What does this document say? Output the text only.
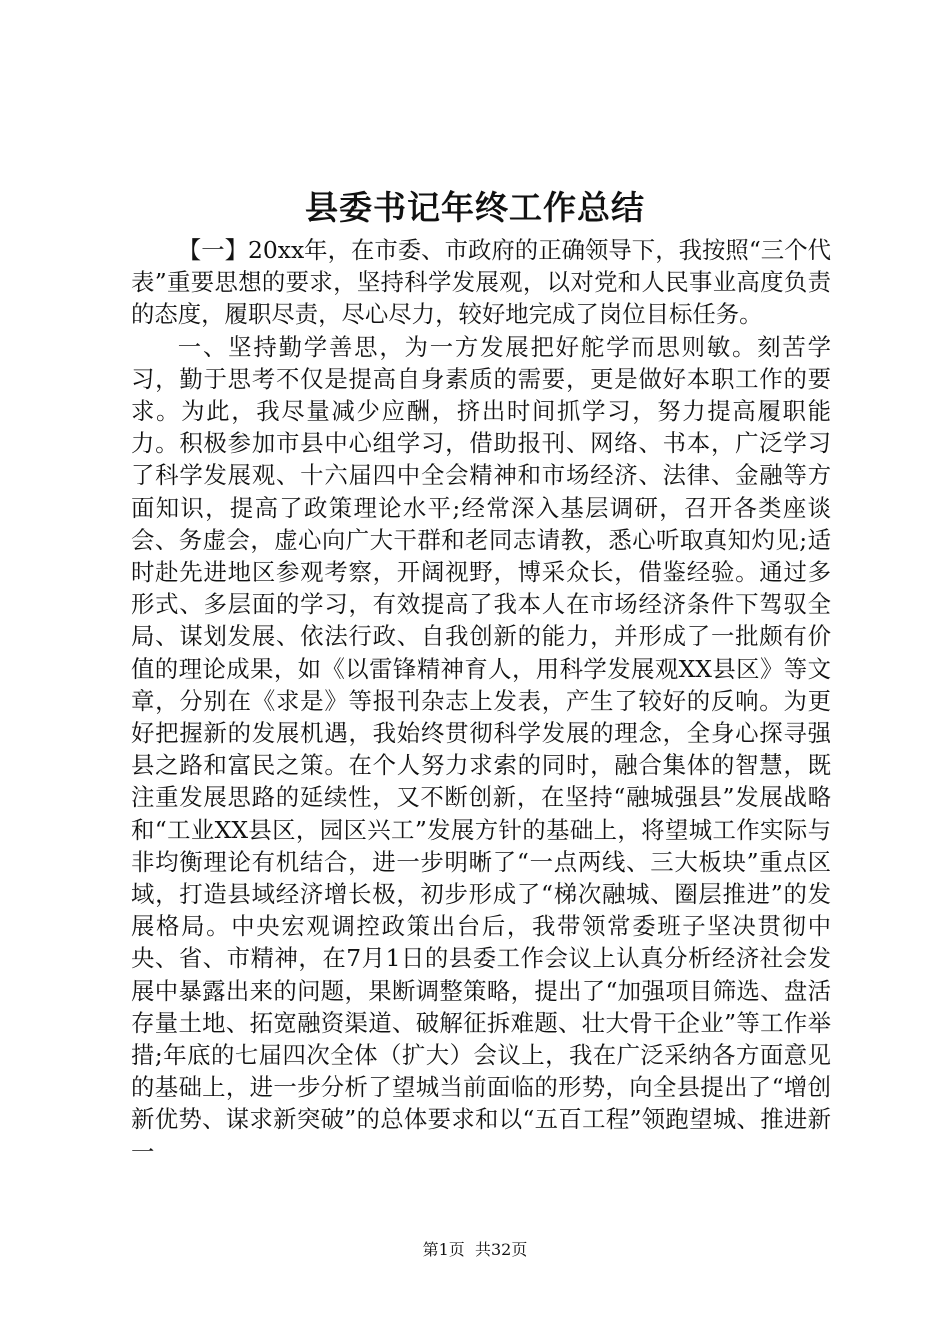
县委书记年终工作总结

【一】20xx年，在市委、市政府的正确领导下，我按照“三个代表”重要思想的要求，坚持科学发展观，以对党和人民事业高度负责的态度，履职尽责，尽心尽力，较好地完成了岗位目标任务。

一、坚持勤学善思，为一方发展把好舵学而思则敏。刻苦学习，勤于思考不仅是提高自身素质的需要，更是做好本职工作的要求。为此，我尽量减少应酬，挤出时间抓学习，努力提高履职能力。积极参加市县中心组学习，借助报刊、网络、书本，广泛学习了科学发展观、十六届四中全会精神和市场经济、法律、金融等方面知识，提高了政策理论水平;经常深入基层调研，召开各类座谈会、务虚会，虚心向广大干群和老同志请教，悉心听取真知灼见;适时赴先进地区参观考察，开阔视野，博采众长，借鉴经验。通过多形式、多层面的学习，有效提高了我本人在市场经济条件下驾驭全局、谋划发展、依法行政、自我创新的能力，并形成了一批颇有价值的理论成果，如《以雷锋精神育人，用科学发展观XX县区》等文章，分别在《求是》等报刊杂志上发表，产生了较好的反响。为更好把握新的发展机遇，我始终贯彻科学发展的理念，全身心探寻强县之路和富民之策。在个人努力求索的同时，融合集体的智慧，既注重发展思路的延续性，又不断创新，在坚持“融城强县”发展战略和“工业XX县区，园区兴工”发展方针的基础上，将望城工作实际与非均衡理论有机结合，进一步明晰了“一点两线、三大板块”重点区域，打造县域经济增长极，初步形成了“梯次融城、圈层推进”的发展格局。中央宏观调控政策出台后，我带领常委班子坚决贯彻中央、省、市精神，在7月1日的县委工作会议上认真分析经济社会发展中暴露出来的问题，果断调整策略，提出了“加强项目筛选、盘活存量土地、拓宽融资渠道、破解征拆难题、壮大骨干企业”等工作举措;年底的七届四次全体（扩大）会议上，我在广泛采纳各方面意见的基础上，进一步分析了望城当前面临的形势，向全县提出了“增创新优势、谋求新突破”的总体要求和以“五百工程”领跑望城、推进新一

第1页 共32页
